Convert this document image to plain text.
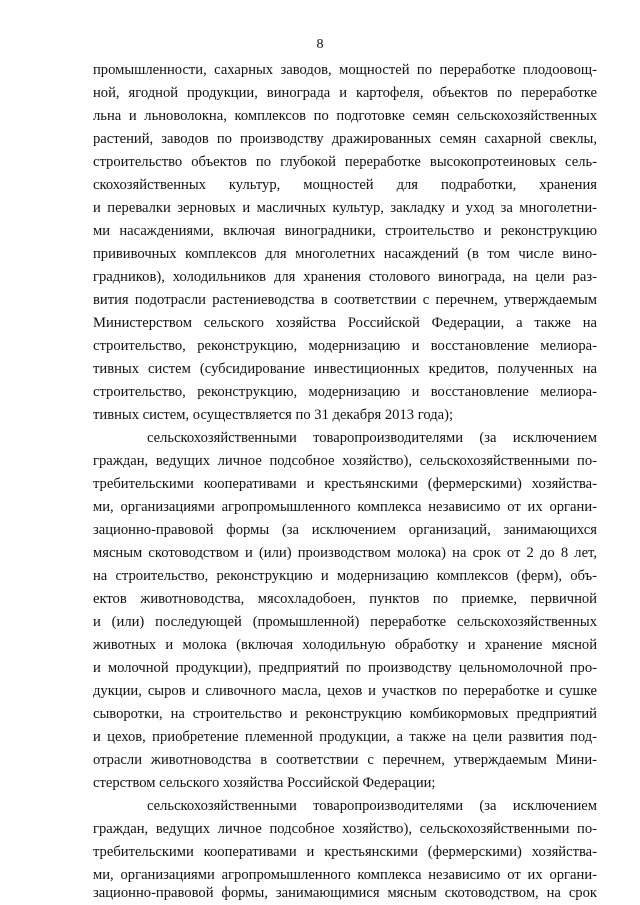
8
промышленности, сахарных заводов, мощностей по переработке плодоовощ-
ной, ягодной продукции, винограда и картофеля, объектов по переработке
льна и льноволокна, комплексов по подготовке семян сельскохозяйственных
растений, заводов по производству дражированных семян сахарной свеклы,
строительство объектов по глубокой переработке высокопротеиновых сель-
скохозяйственных культур, мощностей для подработки, хранения
и перевалки зерновых и масличных культур, закладку и уход за многолетни-
ми насаждениями, включая виноградники, строительство и реконструкцию
прививочных комплексов для многолетних насаждений (в том числе вино-
градников), холодильников для хранения столового винограда, на цели раз-
вития подотрасли растениеводства в соответствии с перечнем, утверждаемым
Министерством сельского хозяйства Российской Федерации, а также на
строительство, реконструкцию, модернизацию и восстановление мелиора-
тивных систем (субсидирование инвестиционных кредитов, полученных на
строительство, реконструкцию, модернизацию и восстановление мелиора-
тивных систем, осуществляется по 31 декабря 2013 года);
сельскохозяйственными товаропроизводителями (за исключением
граждан, ведущих личное подсобное хозяйство), сельскохозяйственными по-
требительскими кооперативами и крестьянскими (фермерскими) хозяйства-
ми, организациями агропромышленного комплекса независимо от их органи-
зационно-правовой формы (за исключением организаций, занимающихся
мясным скотоводством и (или) производством молока) на срок от 2 до 8 лет,
на строительство, реконструкцию и модернизацию комплексов (ферм), объ-
ектов животноводства, мясохладобоен, пунктов по приемке, первичной
и (или) последующей (промышленной) переработке сельскохозяйственных
животных и молока (включая холодильную обработку и хранение мясной
и молочной продукции), предприятий по производству цельномолочной про-
дукции, сыров и сливочного масла, цехов и участков по переработке и сушке
сыворотки, на строительство и реконструкцию комбикормовых предприятий
и цехов, приобретение племенной продукции, а также на цели развития под-
отрасли животноводства в соответствии с перечнем, утверждаемым Мини-
стерством сельского хозяйства Российской Федерации;
сельскохозяйственными товаропроизводителями (за исключением
граждан, ведущих личное подсобное хозяйство), сельскохозяйственными по-
требительскими кооперативами и крестьянскими (фермерскими) хозяйства-
ми, организациями агропромышленного комплекса независимо от их органи-
зационно-правовой формы, занимающимися мясным скотоводством, на срок
